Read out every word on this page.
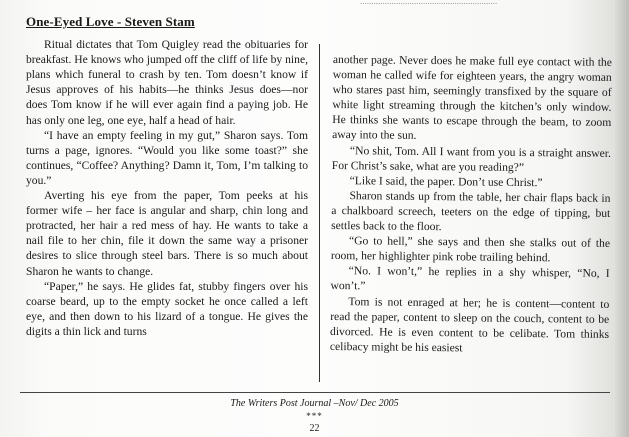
.............................................................

One-Eyed Love - Steven Stam

Ritual dictates that Tom Quigley read the obituaries for breakfast. He knows who jumped off the cliff of life by nine, plans which funeral to crash by ten. Tom doesn’t know if Jesus approves of his habits—he thinks Jesus does—nor does Tom know if he will ever again find a paying job. He has only one leg, one eye, half a head of hair.

“I have an empty feeling in my gut,” Sharon says. Tom turns a page, ignores. “Would you like some toast?” she continues, “Coffee? Anything? Damn it, Tom, I’m talking to you.”

Averting his eye from the paper, Tom peeks at his former wife – her face is angular and sharp, chin long and protracted, her hair a red mess of hay. He wants to take a nail file to her chin, file it down the same way a prisoner desires to slice through steel bars. There is so much about Sharon he wants to change.

“Paper,” he says. He glides fat, stubby fingers over his coarse beard, up to the empty socket he once called a left eye, and then down to his lizard of a tongue. He gives the digits a thin lick and turns

another page. Never does he make full eye contact with the woman he called wife for eighteen years, the angry woman who stares past him, seemingly transfixed by the square of white light streaming through the kitchen’s only window. He thinks she wants to escape through the beam, to zoom away into the sun.

“No shit, Tom. All I want from you is a straight answer. For Christ’s sake, what are you reading?”

“Like I said, the paper. Don’t use Christ.”

Sharon stands up from the table, her chair flaps back in a chalkboard screech, teeters on the edge of tipping, but settles back to the floor.

“Go to hell,” she says and then she stalks out of the room, her highlighter pink robe trailing behind.

“No. I won’t,” he replies in a shy whisper, “No, I won’t.”

Tom is not enraged at her; he is content—content to read the paper, content to sleep on the couch, content to be divorced. He is even content to be celibate. Tom thinks celibacy might be his easiest

The Writers Post Journal –Nov/ Dec 2005
***
22
